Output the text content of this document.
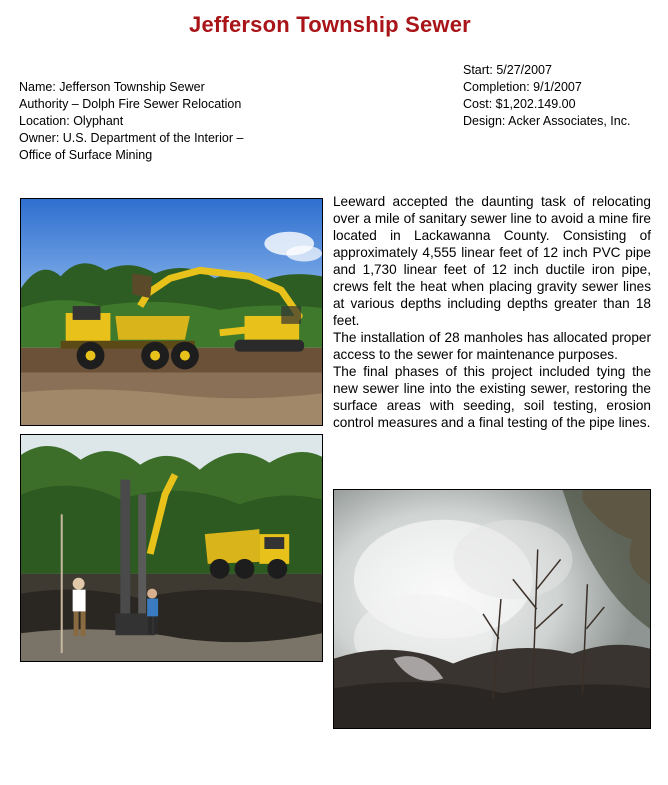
Jefferson Township Sewer
Name: Jefferson Township Sewer
Authority – Dolph Fire Sewer Relocation
Location: Olyphant
Owner: U.S. Department of the Interior –
Office of Surface Mining
Start: 5/27/2007
Completion: 9/1/2007
Cost: $1,202.149.00
Design: Acker Associates, Inc.

Leeward accepted the daunting task of relocating over a mile of sanitary sewer line to avoid a mine fire located in Lackawanna County. Consisting of approximately 4,555 linear feet of 12 inch PVC pipe and 1,730 linear feet of 12 inch ductile iron pipe, crews felt the heat when placing gravity sewer lines at various depths including depths greater than 18 feet.

The installation of 28 manholes has allocated proper access to the sewer for maintenance purposes.

The final phases of this project included tying the new sewer line into the existing sewer, restoring the surface areas with seeding, soil testing, erosion control measures and a final testing of the pipe lines.
